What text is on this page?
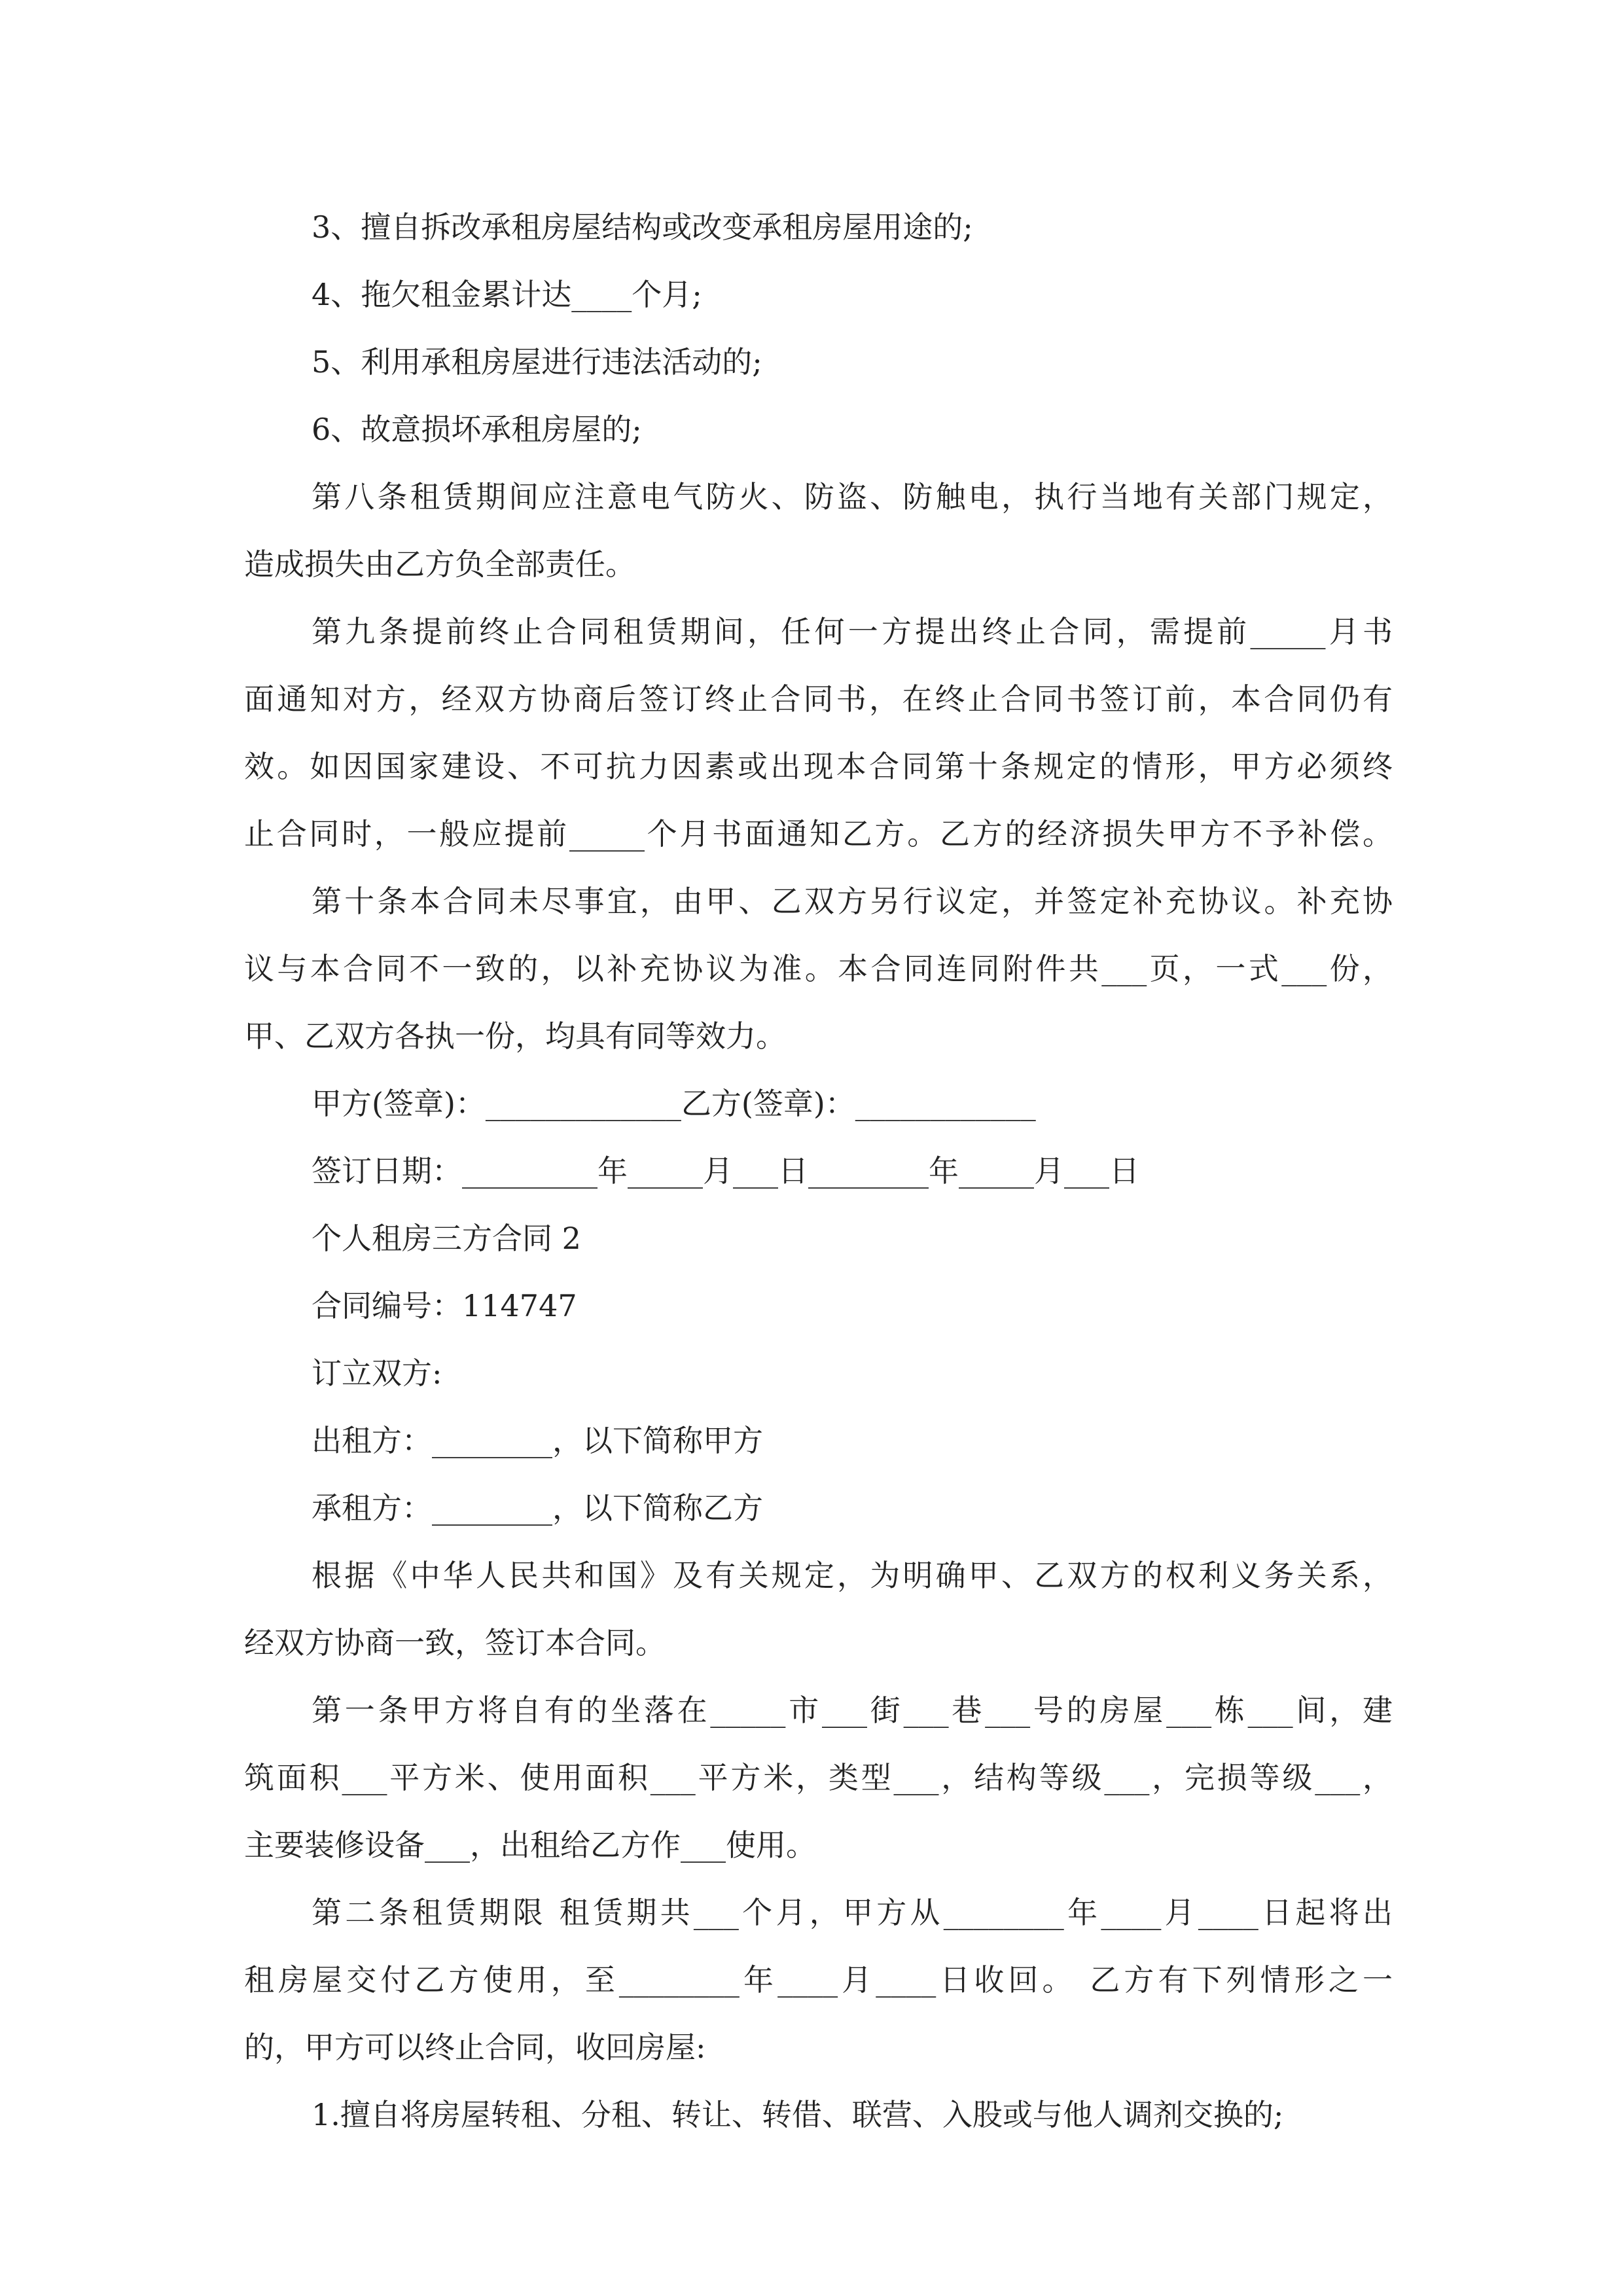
3、擅自拆改承租房屋结构或改变承租房屋用途的;
4、拖欠租金累计达____个月;
5、利用承租房屋进行违法活动的;
6、故意损坏承租房屋的;
第八条租赁期间应注意电气防火、防盗、防触电，执行当地有关部门规定，
造成损失由乙方负全部责任。
第九条提前终止合同租赁期间，任何一方提出终止合同，需提前_____月书
面通知对方，经双方协商后签订终止合同书，在终止合同书签订前，本合同仍有
效。如因国家建设、不可抗力因素或出现本合同第十条规定的情形，甲方必须终
止合同时，一般应提前_____个月书面通知乙方。乙方的经济损失甲方不予补偿。
第十条本合同未尽事宜，由甲、乙双方另行议定，并签定补充协议。补充协
议与本合同不一致的，以补充协议为准。本合同连同附件共___页，一式___份，
甲、乙双方各执一份，均具有同等效力。
甲方(签章)：_____________乙方(签章)：____________
签订日期：_________年_____月___日________年_____月___日
个人租房三方合同 2
合同编号：114747
订立双方:
出租方：________，以下简称甲方
承租方：________，以下简称乙方
根据《中华人民共和国》及有关规定，为明确甲、乙双方的权利义务关系，
经双方协商一致，签订本合同。
第一条甲方将自有的坐落在_____市___街___巷___号的房屋___栋___间，建
筑面积___平方米、使用面积___平方米，类型___，结构等级___，完损等级___，
主要装修设备___，出租给乙方作___使用。
第二条租赁期限 租赁期共___个月，甲方从________年____月____日起将出
租房屋交付乙方使用，至________年____月____日收回。 乙方有下列情形之一
的，甲方可以终止合同，收回房屋:
1.擅自将房屋转租、分租、转让、转借、联营、入股或与他人调剂交换的;
